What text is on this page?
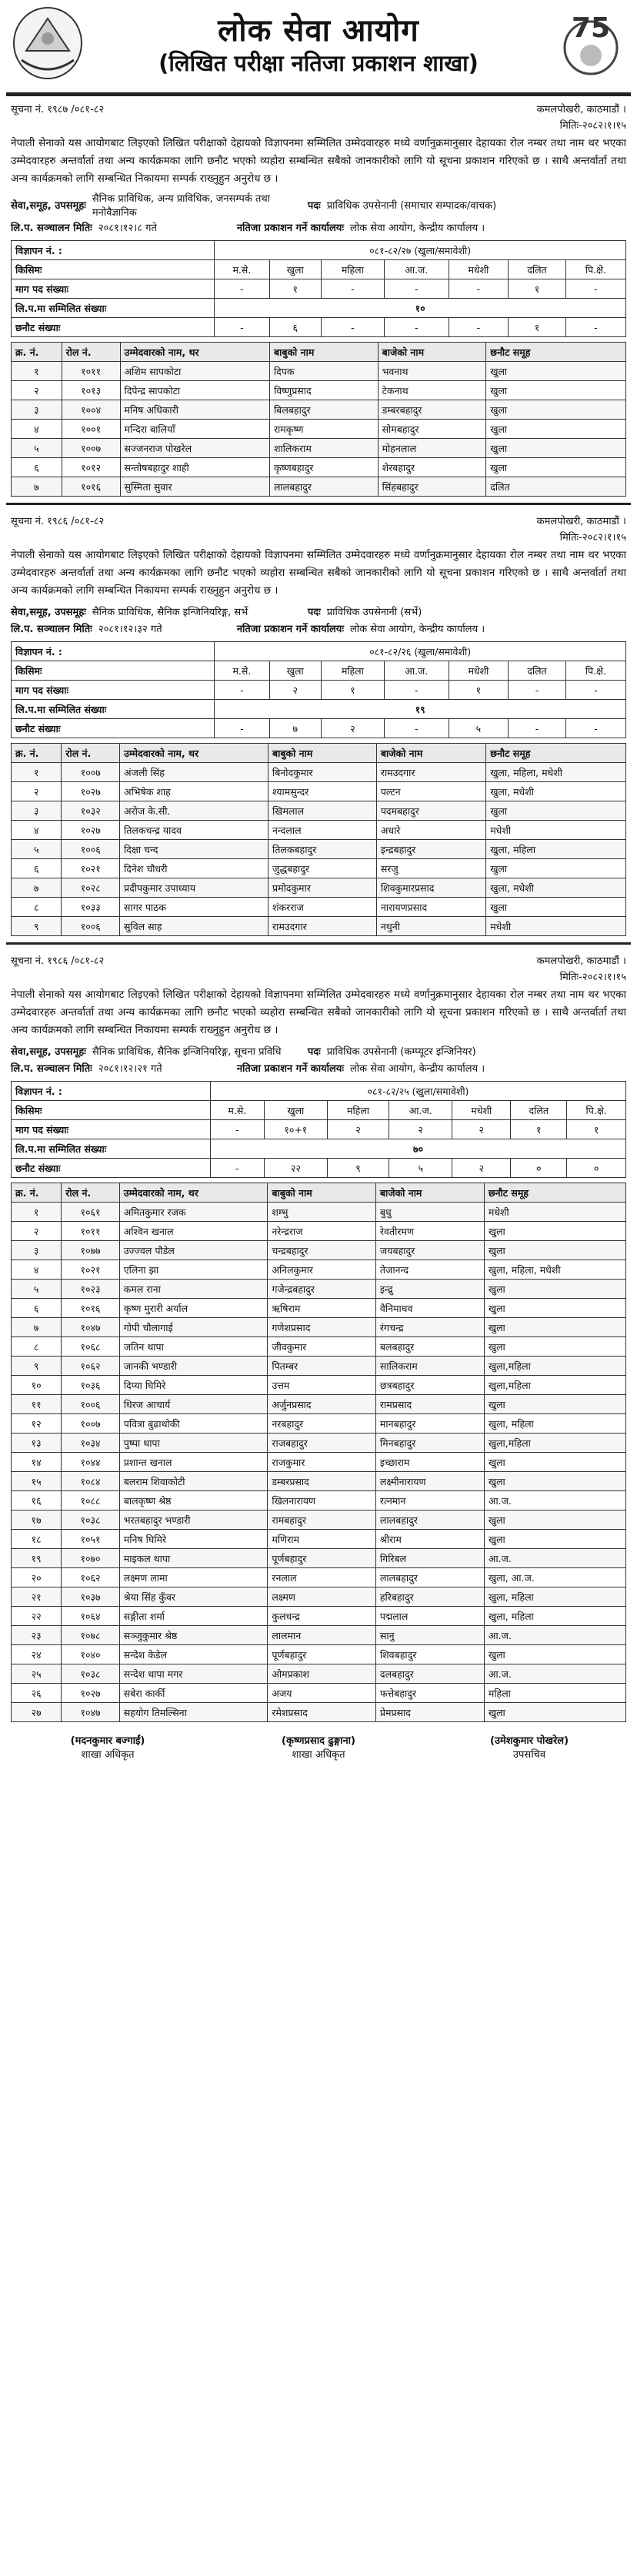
लोक सेवा आयोग
(लिखित परीक्षा नतिजा प्रकाशन शाखा)
75
सूचना नं. १९८७ /०८१-८२	कमलपोखरी, काठमाडौं ।
मितिः-२०८२।१।१५
नेपाली सेनाको यस आयोगबाट लिइएको लिखित परीक्षाको देहायको विज्ञापनमा सम्मिलित उम्मेदवारहरु मध्ये वर्णानुक्रमानुसार देहायका रोल नम्बर तथा नाम थर भएका उम्मेदवारहरु अन्तर्वार्ता तथा अन्य कार्यक्रमका लागि छनौट भएको व्यहोरा सम्बन्धित सबैको जानकारीको लागि यो सूचना प्रकाशन गरिएको छ । साथै अन्तर्वार्ता तथा अन्य कार्यक्रमको लागि सम्बन्धित निकायमा सम्पर्क राख्नुहुन अनुरोध छ ।
सेवा,समूह, उपसमूहः
सैनिक प्राविधिक, अन्य प्राविधिक, जनसम्पर्क तथा मनोवैज्ञानिक
पदः प्राविधिक उपसेनानी (समाचार सम्पादक/वाचक)
लि.प. सञ्चालन मितिः २०८१।१२।८ गते	नतिजा प्रकाशन गर्ने कार्यालयः लोक सेवा आयोग, केन्द्रीय कार्यालय ।
विज्ञापन नं. :	०८१-८२/२७ (खुला/समावेशी)						
किसिमः	म.से.	खुला	महिला	आ.ज.	मधेशी	दलित	पि.क्षे.
माग पद संख्याः	-	१	-	-	-	१	-
लि.प.मा सम्मिलित संख्याः	१०						
छनौट संख्याः	-	६	-	-	-	१	-
क्र. नं.	रोल नं.	उम्मेदवारको नाम, थर	बाबुको नाम	बाजेको नाम	छनौट समूह
१	१०११	अशिम सापकोटा	दिपक	भवनाथ	खुला
२	१०१३	दिपेन्द्र सापकोटा	विष्णुप्रसाद	टेकनाथ	खुला
३	१००४	मनिष अधिकारी	बिलबहादुर	डम्बरबहादुर	खुला
४	१००१	मन्दिरा बालियाँ	रामकृष्ण	सोमबहादुर	खुला
५	१००७	सज्जनराज पोखरेल	शालिकराम	मोहनलाल	खुला
६	१०१२	सन्तोषबहादुर शाही	कृष्णबहादुर	शेरबहादुर	खुला
७	१०१६	सुस्मिता सुवार	लालबहादुर	सिंहबहादुर	दलित
सूचना नं. १९८६ /०८१-८२	कमलपोखरी, काठमाडौं ।
मितिः-२०८२।१।१५
नेपाली सेनाको यस आयोगबाट लिइएको लिखित परीक्षाको देहायको विज्ञापनमा सम्मिलित उम्मेदवारहरु मध्ये वर्णानुक्रमानुसार देहायका रोल नम्बर तथा नाम थर भएका उम्मेदवारहरु अन्तर्वार्ता तथा अन्य कार्यक्रमका लागि छनौट भएको व्यहोरा सम्बन्धित सबैको जानकारीको लागि यो सूचना प्रकाशन गरिएको छ । साथै अन्तर्वार्ता तथा अन्य कार्यक्रमको लागि सम्बन्धित निकायमा सम्पर्क राख्नुहुन अनुरोध छ ।
सेवा,समूह, उपसमूहः सैनिक प्राविधिक, सैनिक इन्जिनियरिङ्ग, सर्भे	पदः प्राविधिक उपसेनानी (सर्भे)
लि.प. सञ्चालन मितिः २०८१।१२।३२ गते	नतिजा प्रकाशन गर्ने कार्यालयः लोक सेवा आयोग, केन्द्रीय कार्यालय ।
विज्ञापन नं. :	०८१-८२/२६ (खुला/समावेशी)						
किसिमः	म.से.	खुला	महिला	आ.ज.	मधेशी	दलित	पि.क्षे.
माग पद संख्याः	-	२	१	-	१	-	-
लि.प.मा सम्मिलित संख्याः	१९						
छनौट संख्याः	-	७	२	-	५	-	-
क्र. नं.	रोल नं.	उम्मेदवारको नाम, थर	बाबुको नाम	बाजेको नाम	छनौट समूह
१	१००७	अंजली सिंह	बिनोदकुमार	रामउदगार	खुला, महिला, मधेशी
२	१०२७	अभिषेक शाह	श्यामसुन्दर	पल्टन	खुला, मधेशी
३	१०३२	अरोज के.सी.	खिमलाल	पदमबहादुर	खुला
४	१०२७	तिलकचन्द्र यादव	नन्दलाल	अधारे	मधेशी
५	१००६	दिक्षा चन्द	तिलकबहादुर	इन्द्रबहादुर	खुला, महिला
६	१०२१	दिनेश चौधरी	जुद्धबहादुर	सरजु	खुला
७	१०२८	प्रदीपकुमार उपाध्याय	प्रमोदकुमार	शिवकुमारप्रसाद	खुला, मधेशी
८	१०३३	सागर पाठक	शंकरराज	नारायणप्रसाद	खुला
९	१००६	सुविल साह	रामउदगार	नथुनी	मधेशी
सूचना नं. १९८६ /०८१-८२	कमलपोखरी, काठमाडौं ।
मितिः-२०८२।१।१५
नेपाली सेनाको यस आयोगबाट लिइएको लिखित परीक्षाको देहायको विज्ञापनमा सम्मिलित उम्मेदवारहरु मध्ये वर्णानुक्रमानुसार देहायका रोल नम्बर तथा नाम थर भएका उम्मेदवारहरु अन्तर्वार्ता तथा अन्य कार्यक्रमका लागि छनौट भएको व्यहोरा सम्बन्धित सबैको जानकारीको लागि यो सूचना प्रकाशन गरिएको छ । साथै अन्तर्वार्ता तथा अन्य कार्यक्रमको लागि सम्बन्धित निकायमा सम्पर्क राख्नुहुन अनुरोध छ ।
सेवा,समूह, उपसमूहः सैनिक प्राविधिक, सैनिक इन्जिनियरिङ्ग, सूचना प्रविधि	पदः प्राविधिक उपसेनानी (कम्प्यूटर इन्जिनियर)
लि.प. सञ्चालन मितिः २०८१।१२।२१ गते	नतिजा प्रकाशन गर्ने कार्यालयः लोक सेवा आयोग, केन्द्रीय कार्यालय ।
विज्ञापन नं. :	०८१-८२/२५ (खुला/समावेशी)						
किसिमः	म.से.	खुला	महिला	आ.ज.	मधेशी	दलित	पि.क्षे.
माग पद संख्याः	-	१०+१	२	२	२	१	१
लि.प.मा सम्मिलित संख्याः	७०						
छनौट संख्याः	-	२२	९	५	२	०	०
क्र. नं.	रोल नं.	उम्मेदवारको नाम, थर	बाबुको नाम	बाजेको नाम	छनौट समूह
१	१०६१	अमितकुमार रजक	शम्भु	बुधु	मधेशी
२	१०११	अश्विन खनाल	नरेन्द्रराज	रेवतीरमण	खुला
३	१०७७	उज्ज्वल पौडेल	चन्द्रबहादुर	जयबहादुर	खुला
४	१०२१	एलिना झा	अनिलकुमार	तेजानन्द	खुला, महिला, मधेशी
५	१०२३	कमल राना	गजेन्द्रबहादुर	इन्द्रु	खुला
६	१०१६	कृष्ण मुरारी अर्याल	ऋषिराम	वैनिमाधव	खुला
७	१०४७	गोपी चौलागाई	गणेशप्रसाद	रंगचन्द्र	खुला
८	१०६८	जतिन थापा	जीवकुमार	बलबहादुर	खुला
९	१०६२	जानकी भण्डारी	पितम्बर	सालिकराम	खुला,महिला
१०	१०३६	दिप्या घिमिरे	उत्तम	छत्रबहादुर	खुला,महिला
११	१००६	धिरज आचार्य	अर्जुनप्रसाद	रामप्रसाद	खुला
१२	१००७	पवित्रा बुढाथोकी	नरबहादुर	मानबहादुर	खुला, महिला
१३	१०३४	पुष्पा थापा	राजबहादुर	मिनबहादुर	खुला,महिला
१४	१०४४	प्रशान्त खनाल	राजकुमार	इच्छाराम	खुला
१५	१०८४	बलराम शिवाकोटी	डम्बरप्रसाद	लक्ष्मीनारायण	खुला
१६	१०८८	बालकृष्ण श्रेष्ठ	खिलनारायण	रत्नमान	आ.ज.
१७	१०३८	भरतबहादुर भण्डारी	रामबहादुर	लालबहादुर	खुला
१८	१०५१	मनिष घिमिरे	मणिराम	श्रीराम	खुला
१९	१०७०	माइकल थापा	पूर्णबहादुर	गिरिबल	आ.ज.
२०	१०६२	लक्ष्मण लामा	रनलाल	लालबहादुर	खुला, आ.ज.
२१	१०३७	श्रेया सिंह कुँवर	लक्ष्मण	हरिबहादुर	खुला, महिला
२२	१०६४	सङ्गीता शर्मा	कुलचन्द्र	पद्मलाल	खुला, महिला
२३	१०७८	सञ्जुकुमार श्रेष्ठ	लालमान	सानु	आ.ज.
२४	१०४०	सन्देश केडेल	पूर्णबहादुर	शिवबहादुर	खुला
२५	१०३८	सन्देश थापा मगर	ओमप्रकाश	दलबहादुर	आ.ज.
२६	१०२७	सबेरा कार्की	अजय	फत्तेबहादुर	महिला
२७	१०४७	सहयोग तिमल्सिना	रमेशप्रसाद	प्रेमप्रसाद	खुला
(मदनकुमार बज्गाईं)
शाखा अधिकृत
(कृष्णप्रसाद ढुङ्गाना)
शाखा अधिकृत
(उमेशकुमार पोखरेल)
उपसचिव
